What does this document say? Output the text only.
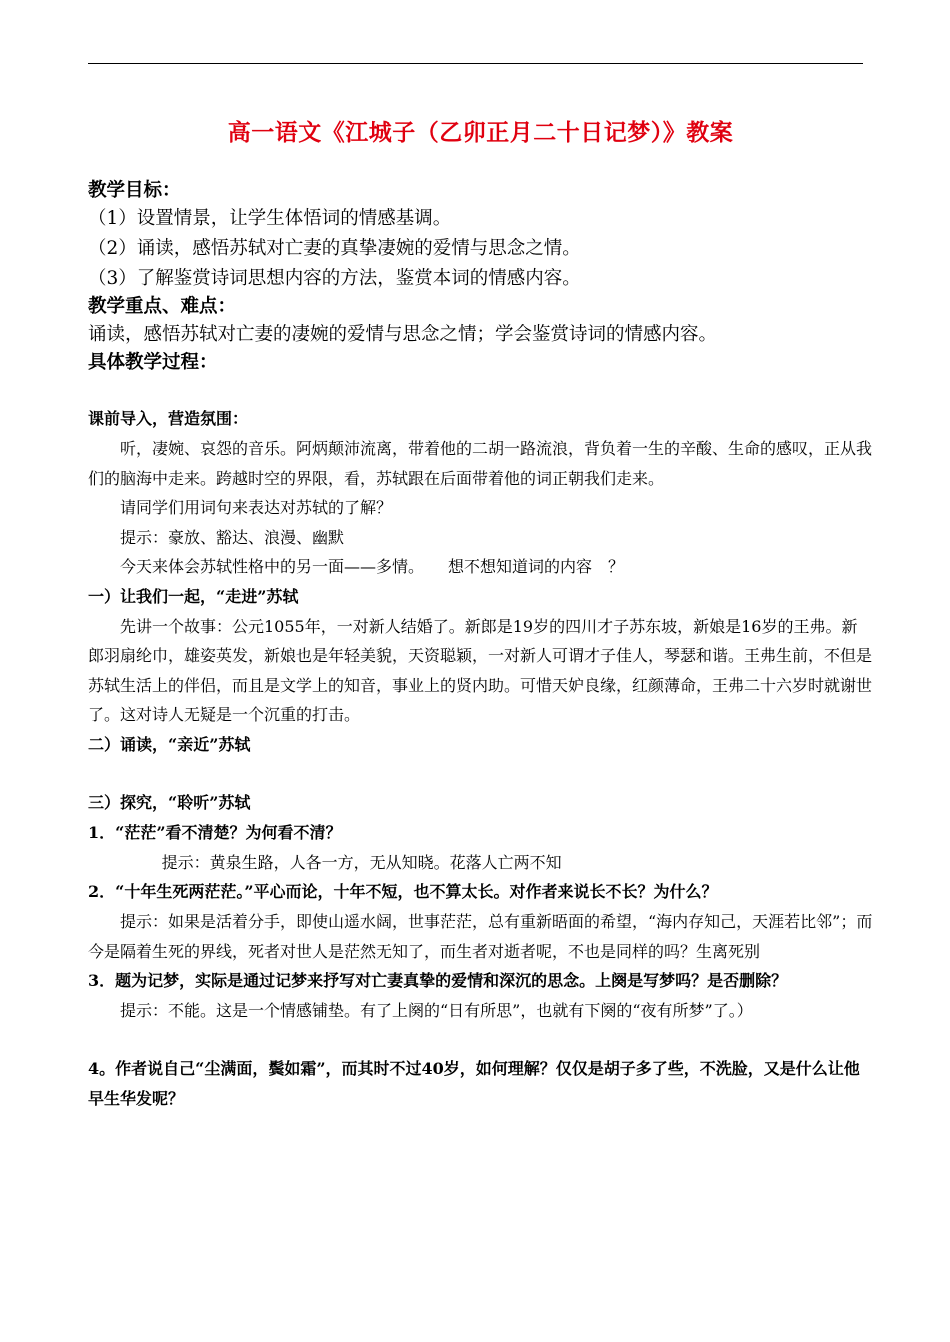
高一语文《江城子（乙卯正月二十日记梦）》教案

教学目标：

（1）设置情景，让学生体悟词的情感基调。

（2）诵读，感悟苏轼对亡妻的真挚凄婉的爱情与思念之情。

（3）了解鉴赏诗词思想内容的方法，鉴赏本词的情感内容。

教学重点、难点：

诵读，感悟苏轼对亡妻的凄婉的爱情与思念之情；学会鉴赏诗词的情感内容。

具体教学过程：

课前导入，营造氛围：

听，凄婉、哀怨的音乐。阿炳颠沛流离，带着他的二胡一路流浪，背负着一生的辛酸、生命的感叹，正从我们的脑海中走来。跨越时空的界限，看，苏轼跟在后面带着他的词正朝我们走来。

请同学们用词句来表达对苏轼的了解？

提示：豪放、豁达、浪漫、幽默

今天来体会苏轼性格中的另一面——多情。　　想不想知道词的内容　？

一）让我们一起，“走进”苏轼

先讲一个故事：公元1055年，一对新人结婚了。新郎是19岁的四川才子苏东坡，新娘是16岁的王弗。新郎羽扇纶巾，雄姿英发，新娘也是年轻美貌，天资聪颖，一对新人可谓才子佳人，琴瑟和谐。王弗生前，不但是苏轼生活上的伴侣，而且是文学上的知音，事业上的贤内助。可惜天妒良缘，红颜薄命，王弗二十六岁时就谢世了。这对诗人无疑是一个沉重的打击。

二）诵读，“亲近”苏轼

三）探究，“聆听”苏轼

1．“茫茫”看不清楚？为何看不清？

提示：黄泉生路，人各一方，无从知晓。花落人亡两不知

2．“十年生死两茫茫。”平心而论，十年不短，也不算太长。对作者来说长不长？为什么？

提示：如果是活着分手，即使山遥水阔，世事茫茫，总有重新晤面的希望，“海内存知己，天涯若比邻”；而今是隔着生死的界线，死者对世人是茫然无知了，而生者对逝者呢，不也是同样的吗？生离死别

3．题为记梦，实际是通过记梦来抒写对亡妻真挚的爱情和深沉的思念。上阕是写梦吗？是否删除？

提示：不能。这是一个情感铺垫。有了上阕的“日有所思”，也就有下阕的“夜有所梦”了。）

4。作者说自己“尘满面，鬓如霜”，而其时不过40岁，如何理解？仅仅是胡子多了些，不洗脸，又是什么让他早生华发呢？
